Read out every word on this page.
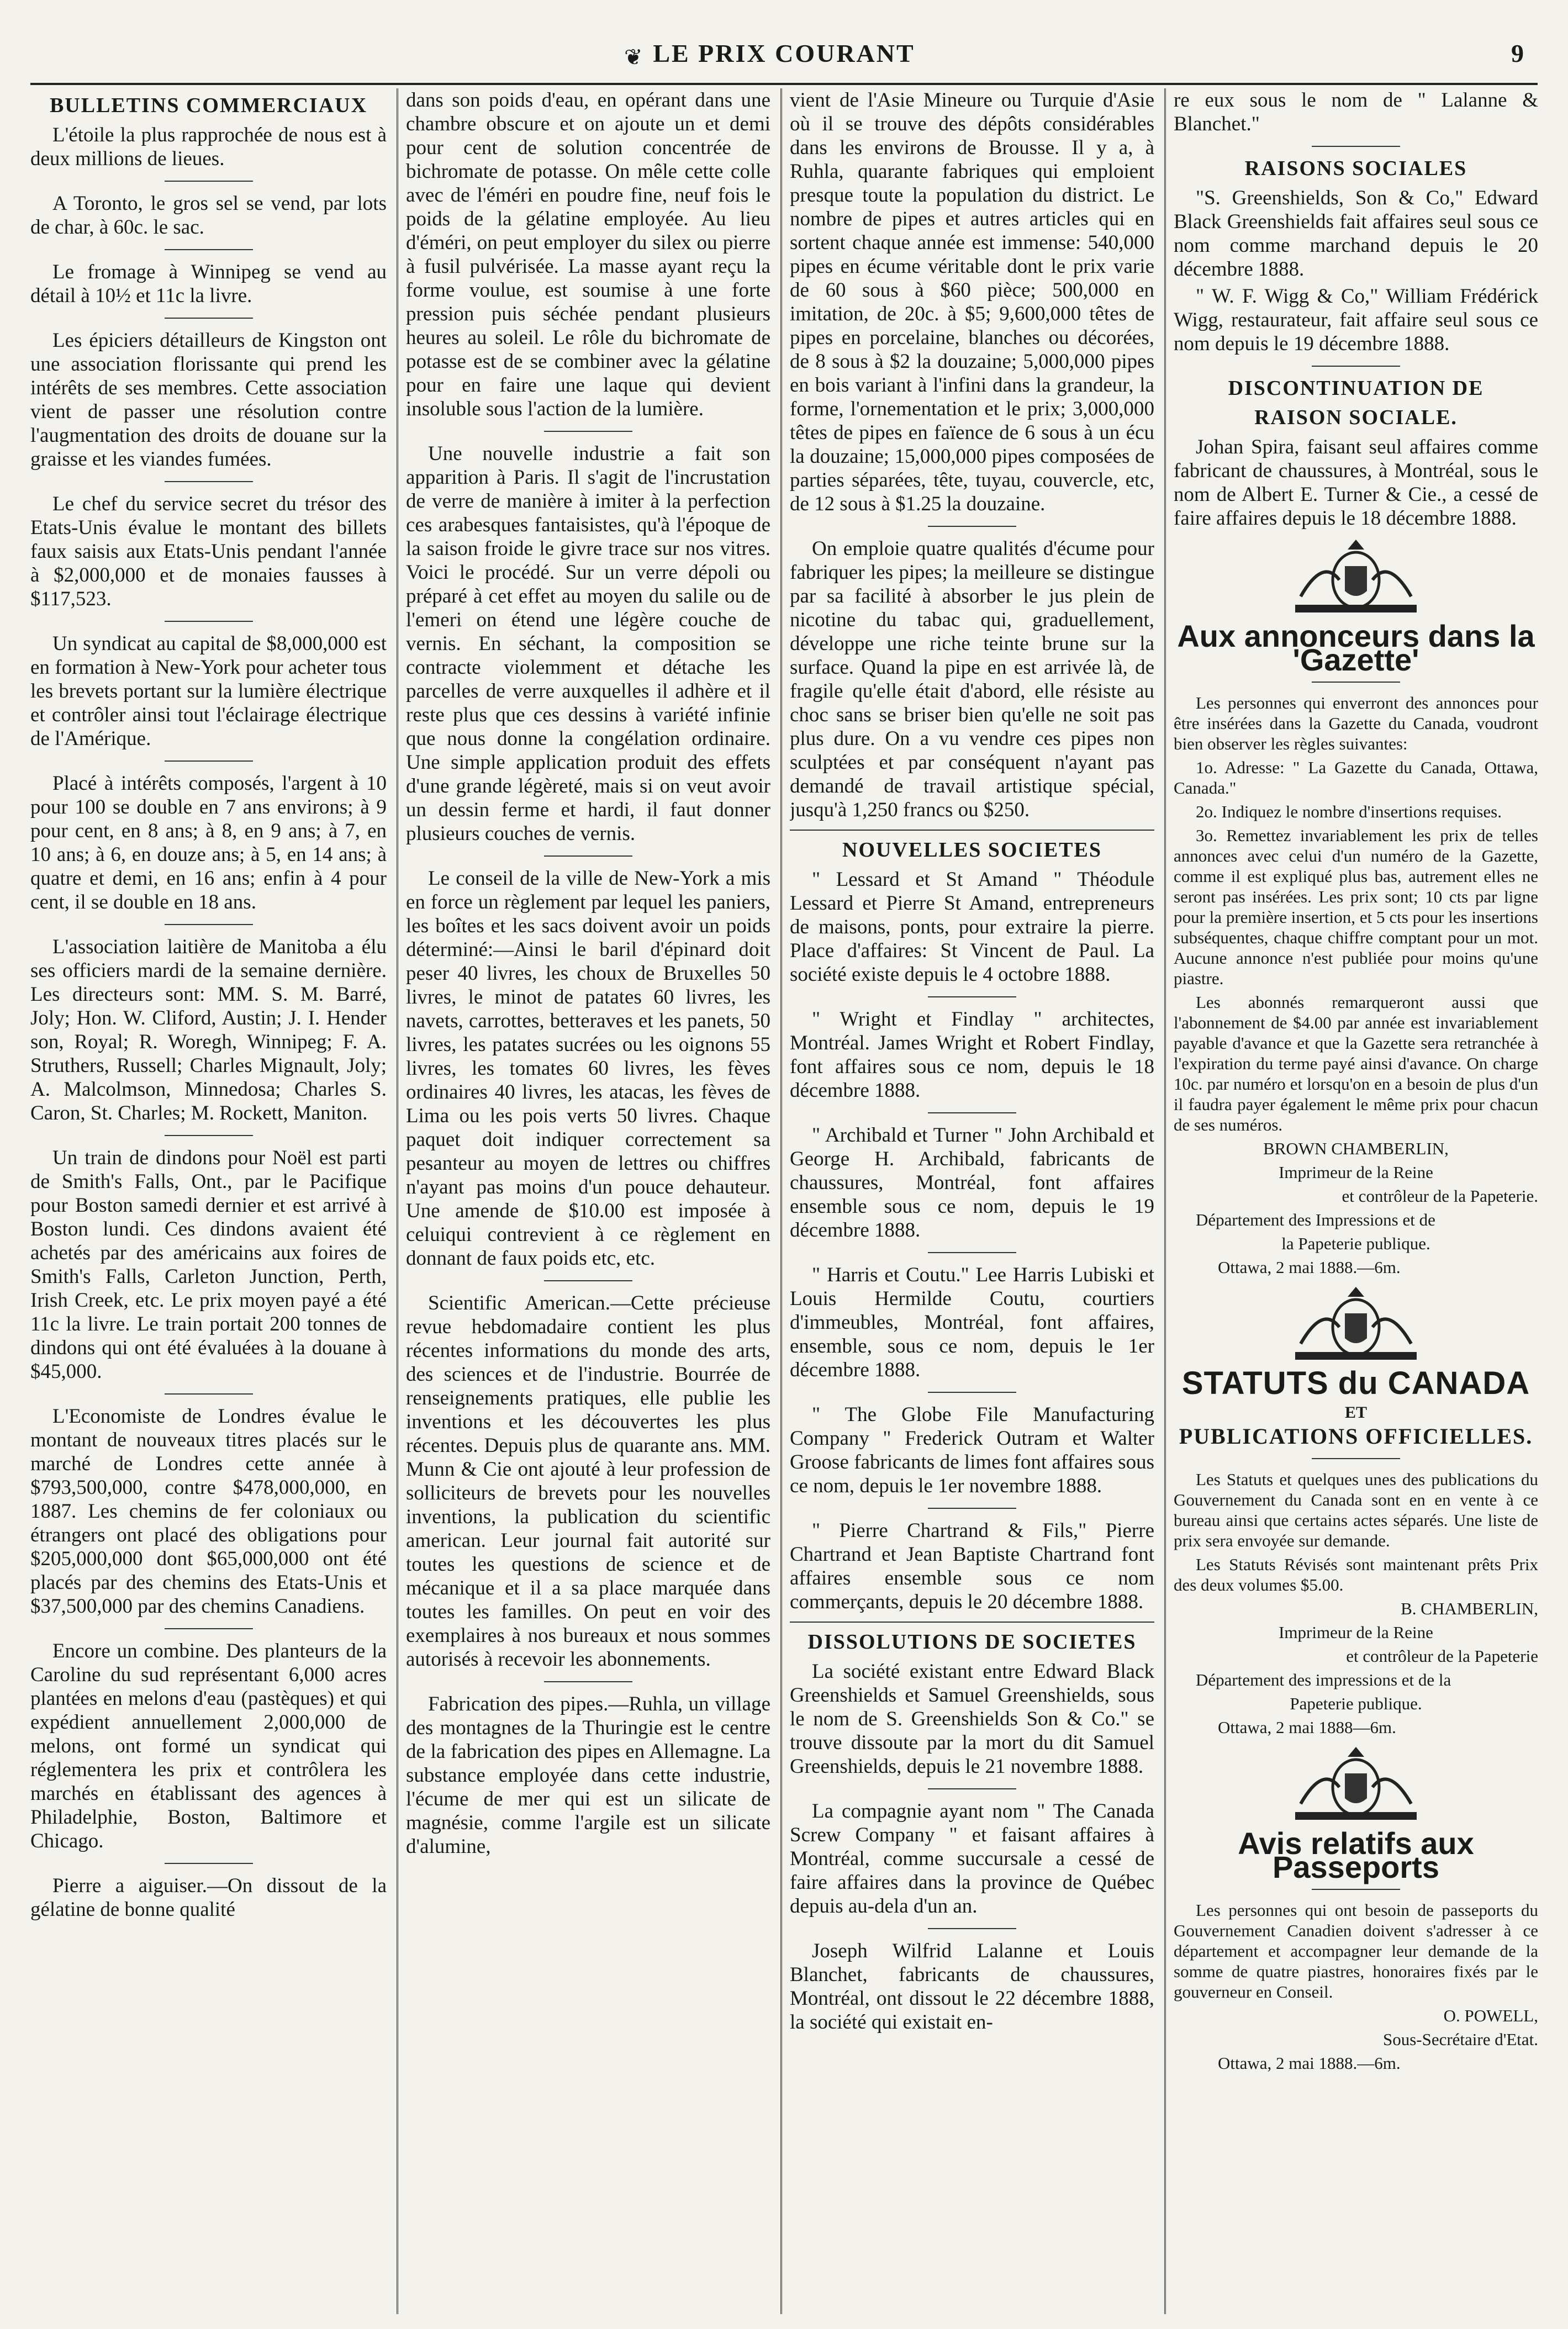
❦ LE PRIX COURANT	9
BULLETINS COMMERCIAUX

L'étoile la plus rapprochée de nous est à deux millions de lieues.

A Toronto, le gros sel se vend, par lots de char, à 60c. le sac.

Le fromage à Winnipeg se vend au détail à 10½ et 11c la livre.

Les épiciers détailleurs de Kingston ont une association florissante qui prend les intérêts de ses membres. Cette association vient de passer une résolution contre l'augmentation des droits de douane sur la graisse et les viandes fumées.

Le chef du service secret du trésor des Etats-Unis évalue le montant des billets faux saisis aux Etats-Unis pendant l'année à $2,000,000 et de monaies fausses à $117,523.

Un syndicat au capital de $8,000,000 est en formation à New-York pour acheter tous les brevets portant sur la lumière électrique et contrôler ainsi tout l'éclairage électrique de l'Amérique.

Placé à intérêts composés, l'argent à 10 pour 100 se double en 7 ans environs; à 9 pour cent, en 8 ans; à 8, en 9 ans; à 7, en 10 ans; à 6, en douze ans; à 5, en 14 ans; à quatre et demi, en 16 ans; enfin à 4 pour cent, il se double en 18 ans.

L'association laitière de Manitoba a élu ses officiers mardi de la semaine dernière. Les directeurs sont: MM. S. M. Barré, Joly; Hon. W. Cliford, Austin; J. I. Hender son, Royal; R. Woregh, Winnipeg; F. A. Struthers, Russell; Charles Mignault, Joly; A. Malcolmson, Minnedosa; Charles S. Caron, St. Charles; M. Rockett, Maniton.

Un train de dindons pour Noël est parti de Smith's Falls, Ont., par le Pacifique pour Boston samedi dernier et est arrivé à Boston lundi. Ces dindons avaient été achetés par des américains aux foires de Smith's Falls, Carleton Junction, Perth, Irish Creek, etc. Le prix moyen payé a été 11c la livre. Le train portait 200 tonnes de dindons qui ont été évaluées à la douane à $45,000.

L'Economiste de Londres évalue le montant de nouveaux titres placés sur le marché de Londres cette année à $793,500,000, contre $478,000,000, en 1887. Les chemins de fer coloniaux ou étrangers ont placé des obligations pour $205,000,000 dont $65,000,000 ont été placés par des chemins des Etats-Unis et $37,500,000 par des chemins Canadiens.

Encore un combine. Des planteurs de la Caroline du sud représentant 6,000 acres plantées en melons d'eau (pastèques) et qui expédient annuellement 2,000,000 de melons, ont formé un syndicat qui réglementera les prix et contrôlera les marchés en établissant des agences à Philadelphie, Boston, Baltimore et Chicago.

Pierre a aiguiser.—On dissout de la gélatine de bonne qualité

dans son poids d'eau, en opérant dans une chambre obscure et on ajoute un et demi pour cent de solution concentrée de bichromate de potasse. On mêle cette colle avec de l'éméri en poudre fine, neuf fois le poids de la gélatine employée. Au lieu d'éméri, on peut employer du silex ou pierre à fusil pulvérisée. La masse ayant reçu la forme voulue, est soumise à une forte pression puis séchée pendant plusieurs heures au soleil. Le rôle du bichromate de potasse est de se combiner avec la gélatine pour en faire une laque qui devient insoluble sous l'action de la lumière.

Une nouvelle industrie a fait son apparition à Paris. Il s'agit de l'incrustation de verre de manière à imiter à la perfection ces arabesques fantaisistes, qu'à l'époque de la saison froide le givre trace sur nos vitres. Voici le procédé. Sur un verre dépoli ou préparé à cet effet au moyen du salile ou de l'emeri on étend une légère couche de vernis. En séchant, la composition se contracte violemment et détache les parcelles de verre auxquelles il adhère et il reste plus que ces dessins à variété infinie que nous donne la congélation ordinaire. Une simple application produit des effets d'une grande légèreté, mais si on veut avoir un dessin ferme et hardi, il faut donner plusieurs couches de vernis.

Le conseil de la ville de New-York a mis en force un règlement par lequel les paniers, les boîtes et les sacs doivent avoir un poids déterminé:—Ainsi le baril d'épinard doit peser 40 livres, les choux de Bruxelles 50 livres, le minot de patates 60 livres, les navets, carrottes, betteraves et les panets, 50 livres, les patates sucrées ou les oignons 55 livres, les tomates 60 livres, les fèves ordinaires 40 livres, les atacas, les fèves de Lima ou les pois verts 50 livres. Chaque paquet doit indiquer correctement sa pesanteur au moyen de lettres ou chiffres n'ayant pas moins d'un pouce dehauteur. Une amende de $10.00 est imposée à celuiqui contrevient à ce règlement en donnant de faux poids etc, etc.

Scientific American.—Cette précieuse revue hebdomadaire contient les plus récentes informations du monde des arts, des sciences et de l'industrie. Bourrée de renseignements pratiques, elle publie les inventions et les découvertes les plus récentes. Depuis plus de quarante ans. MM. Munn & Cie ont ajouté à leur profession de solliciteurs de brevets pour les nouvelles inventions, la publication du scientific american. Leur journal fait autorité sur toutes les questions de science et de mécanique et il a sa place marquée dans toutes les familles. On peut en voir des exemplaires à nos bureaux et nous sommes autorisés à recevoir les abonnements.

Fabrication des pipes.—Ruhla, un village des montagnes de la Thuringie est le centre de la fabrication des pipes en Allemagne. La substance employée dans cette industrie, l'écume de mer qui est un silicate de magnésie, comme l'argile est un silicate d'alumine,

vient de l'Asie Mineure ou Turquie d'Asie où il se trouve des dépôts considérables dans les environs de Brousse. Il y a, à Ruhla, quarante fabriques qui emploient presque toute la population du district. Le nombre de pipes et autres articles qui en sortent chaque année est immense: 540,000 pipes en écume véritable dont le prix varie de 60 sous à $60 pièce; 500,000 en imitation, de 20c. à $5; 9,600,000 têtes de pipes en porcelaine, blanches ou décorées, de 8 sous à $2 la douzaine; 5,000,000 pipes en bois variant à l'infini dans la grandeur, la forme, l'ornementation et le prix; 3,000,000 têtes de pipes en faïence de 6 sous à un écu la douzaine; 15,000,000 pipes composées de parties séparées, tête, tuyau, couvercle, etc, de 12 sous à $1.25 la douzaine.

On emploie quatre qualités d'écume pour fabriquer les pipes; la meilleure se distingue par sa facilité à absorber le jus plein de nicotine du tabac qui, graduellement, développe une riche teinte brune sur la surface. Quand la pipe en est arrivée là, de fragile qu'elle était d'abord, elle résiste au choc sans se briser bien qu'elle ne soit pas plus dure. On a vu vendre ces pipes non sculptées et par conséquent n'ayant pas demandé de travail artistique spécial, jusqu'à 1,250 francs ou $250.

NOUVELLES SOCIETES

" Lessard et St Amand " Théodule Lessard et Pierre St Amand, entrepreneurs de maisons, ponts, pour extraire la pierre. Place d'affaires: St Vincent de Paul. La société existe depuis le 4 octobre 1888.

" Wright et Findlay " architectes, Montréal. James Wright et Robert Findlay, font affaires sous ce nom, depuis le 18 décembre 1888.

" Archibald et Turner " John Archibald et George H. Archibald, fabricants de chaussures, Montréal, font affaires ensemble sous ce nom, depuis le 19 décembre 1888.

" Harris et Coutu." Lee Harris Lubiski et Louis Hermilde Coutu, courtiers d'immeubles, Montréal, font affaires, ensemble, sous ce nom, depuis le 1er décembre 1888.

" The Globe File Manufacturing Company " Frederick Outram et Walter Groose fabricants de limes font affaires sous ce nom, depuis le 1er novembre 1888.

" Pierre Chartrand & Fils," Pierre Chartrand et Jean Baptiste Chartrand font affaires ensemble sous ce nom commerçants, depuis le 20 décembre 1888.

DISSOLUTIONS DE SOCIETES

La société existant entre Edward Black Greenshields et Samuel Greenshields, sous le nom de S. Greenshields Son & Co." se trouve dissoute par la mort du dit Samuel Greenshields, depuis le 21 novembre 1888.

La compagnie ayant nom " The Canada Screw Company " et faisant affaires à Montréal, comme succursale a cessé de faire affaires dans la province de Québec depuis au-dela d'un an.

Joseph Wilfrid Lalanne et Louis Blanchet, fabricants de chaussures, Montréal, ont dissout le 22 décembre 1888, la société qui existait en-

re eux sous le nom de " Lalanne & Blanchet."

RAISONS SOCIALES

"S. Greenshields, Son & Co," Edward Black Greenshields fait affaires seul sous ce nom comme marchand depuis le 20 décembre 1888.

" W. F. Wigg & Co," William Frédérick Wigg, restaurateur, fait affaire seul sous ce nom depuis le 19 décembre 1888.

DISCONTINUATION DE
RAISON SOCIALE.

Johan Spira, faisant seul affaires comme fabricant de chaussures, à Montréal, sous le nom de Albert E. Turner & Cie., a cessé de faire affaires depuis le 18 décembre 1888.

Aux annonceurs dans la 'Gazette'

Les personnes qui enverront des annonces pour être insérées dans la Gazette du Canada, voudront bien observer les règles suivantes:

1o. Adresse: " La Gazette du Canada, Ottawa, Canada."

2o. Indiquez le nombre d'insertions requises.

3o. Remettez invariablement les prix de telles annonces avec celui d'un numéro de la Gazette, comme il est expliqué plus bas, autrement elles ne seront pas insérées. Les prix sont; 10 cts par ligne pour la première insertion, et 5 cts pour les insertions subséquentes, chaque chiffre comptant pour un mot. Aucune annonce n'est publiée pour moins qu'une piastre.

Les abonnés remarqueront aussi que l'abonnement de $4.00 par année est invariablement payable d'avance et que la Gazette sera retranchée à l'expiration du terme payé ainsi d'avance. On charge 10c. par numéro et lorsqu'on en a besoin de plus d'un il faudra payer également le même prix pour chacun de ses numéros.

BROWN CHAMBERLIN,

Imprimeur de la Reine

et contrôleur de la Papeterie.

Département des Impressions et de

la Papeterie publique.

Ottawa, 2 mai 1888.—6m.

STATUTS du CANADA
ET
PUBLICATIONS OFFICIELLES.

Les Statuts et quelques unes des publications du Gouvernement du Canada sont en en vente à ce bureau ainsi que certains actes séparés. Une liste de prix sera envoyée sur demande.

Les Statuts Révisés sont maintenant prêts Prix des deux volumes $5.00.

B. CHAMBERLIN,

Imprimeur de la Reine

et contrôleur de la Papeterie

Département des impressions et de la

Papeterie publique.

Ottawa, 2 mai 1888—6m.

Avis relatifs aux Passeports

Les personnes qui ont besoin de passeports du Gouvernement Canadien doivent s'adresser à ce département et accompagner leur demande de la somme de quatre piastres, honoraires fixés par le gouverneur en Conseil.

O. POWELL,

Sous-Secrétaire d'Etat.

Ottawa, 2 mai 1888.—6m.
